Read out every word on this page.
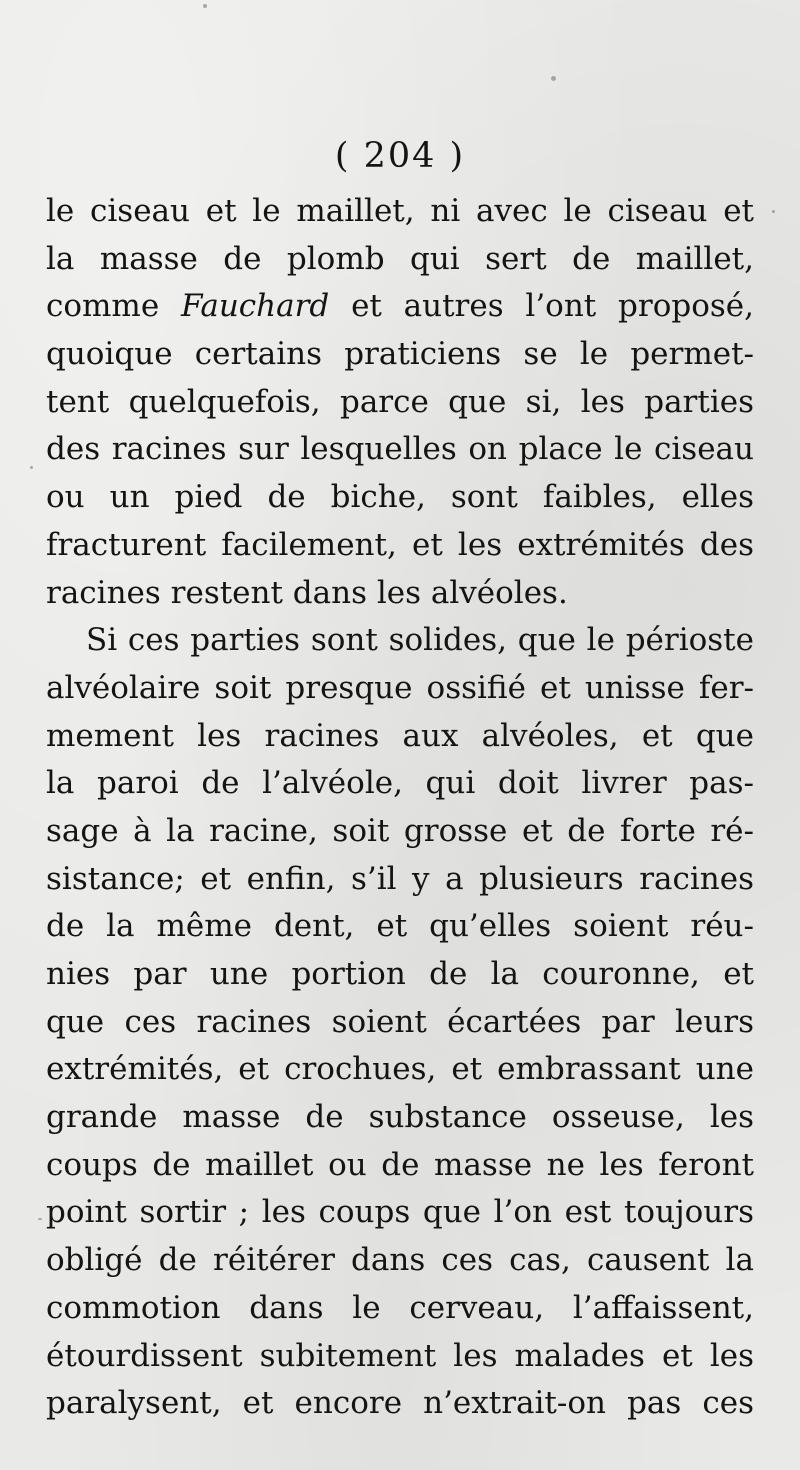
( 204 )
le ciseau et le maillet, ni avec le ciseau et
la masse de plomb qui sert de maillet,
comme Fauchard et autres l’ont proposé,
quoique certains praticiens se le permet-
tent quelquefois, parce que si, les parties
des racines sur lesquelles on place le ciseau
ou un pied de biche, sont faibles, elles
fracturent facilement, et les extrémités des
racines restent dans les alvéoles.
Si ces parties sont solides, que le périoste
alvéolaire soit presque ossifié et unisse fer-
mement les racines aux alvéoles, et que
la paroi de l’alvéole, qui doit livrer pas-
sage à la racine, soit grosse et de forte ré-
sistance; et enfin, s’il y a plusieurs racines
de la même dent, et qu’elles soient réu-
nies par une portion de la couronne, et
que ces racines soient écartées par leurs
extrémités, et crochues, et embrassant une
grande masse de substance osseuse, les
coups de maillet ou de masse ne les feront
point sortir ; les coups que l’on est toujours
obligé de réitérer dans ces cas, causent la
commotion dans le cerveau, l’affaissent,
étourdissent subitement les malades et les
paralysent, et encore n’extrait-on pas ces
